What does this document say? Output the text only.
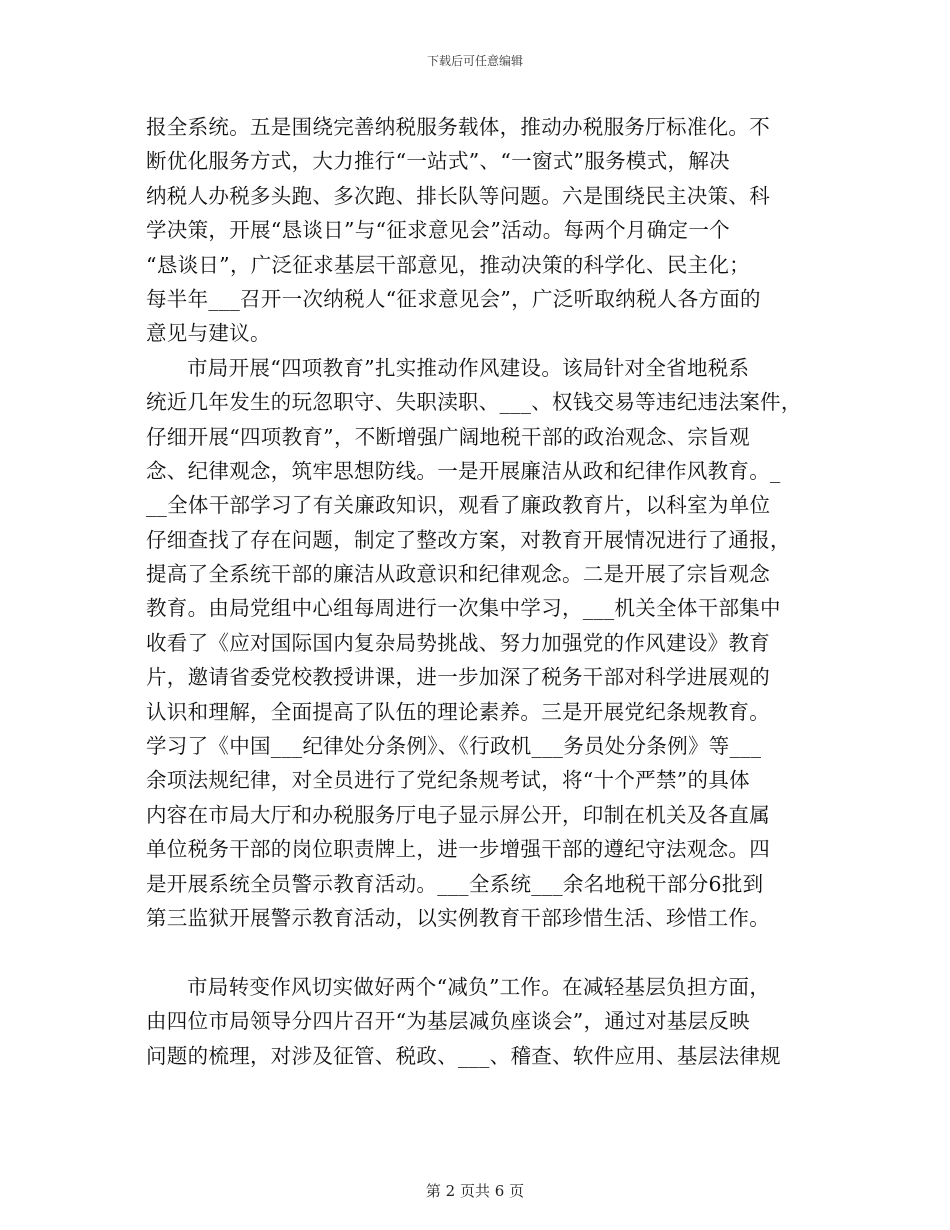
下载后可任意编辑
报全系统。五是围绕完善纳税服务载体，推动办税服务厅标准化。不
断优化服务方式，大力推行“一站式”、“一窗式”服务模式，解决
纳税人办税多头跑、多次跑、排长队等问题。六是围绕民主决策、科
学决策，开展“恳谈日”与“征求意见会”活动。每两个月确定一个
“恳谈日”，广泛征求基层干部意见，推动决策的科学化、民主化；
每半年___召开一次纳税人“征求意见会”，广泛听取纳税人各方面的
意见与建议。
市局开展“四项教育”扎实推动作风建设。该局针对全省地税系
统近几年发生的玩忽职守、失职渎职、___、权钱交易等违纪违法案件，
仔细开展“四项教育”，不断增强广阔地税干部的政治观念、宗旨观
念、纪律观念，筑牢思想防线。一是开展廉洁从政和纪律作风教育。_
__全体干部学习了有关廉政知识，观看了廉政教育片，以科室为单位
仔细查找了存在问题，制定了整改方案，对教育开展情况进行了通报，
提高了全系统干部的廉洁从政意识和纪律观念。二是开展了宗旨观念
教育。由局党组中心组每周进行一次集中学习，___机关全体干部集中
收看了《应对国际国内复杂局势挑战、努力加强党的作风建设》教育
片，邀请省委党校教授讲课，进一步加深了税务干部对科学进展观的
认识和理解，全面提高了队伍的理论素养。三是开展党纪条规教育。
学习了《中国___纪律处分条例》、《行政机___务员处分条例》等___
余项法规纪律，对全员进行了党纪条规考试，将“十个严禁”的具体
内容在市局大厅和办税服务厅电子显示屏公开，印制在机关及各直属
单位税务干部的岗位职责牌上，进一步增强干部的遵纪守法观念。四
是开展系统全员警示教育活动。___全系统___余名地税干部分6批到
第三监狱开展警示教育活动，以实例教育干部珍惜生活、珍惜工作。
市局转变作风切实做好两个“减负”工作。在减轻基层负担方面，
由四位市局领导分四片召开“为基层减负座谈会”，通过对基层反映
问题的梳理，对涉及征管、税政、___、稽查、软件应用、基层法律规
第 2 页共 6 页
